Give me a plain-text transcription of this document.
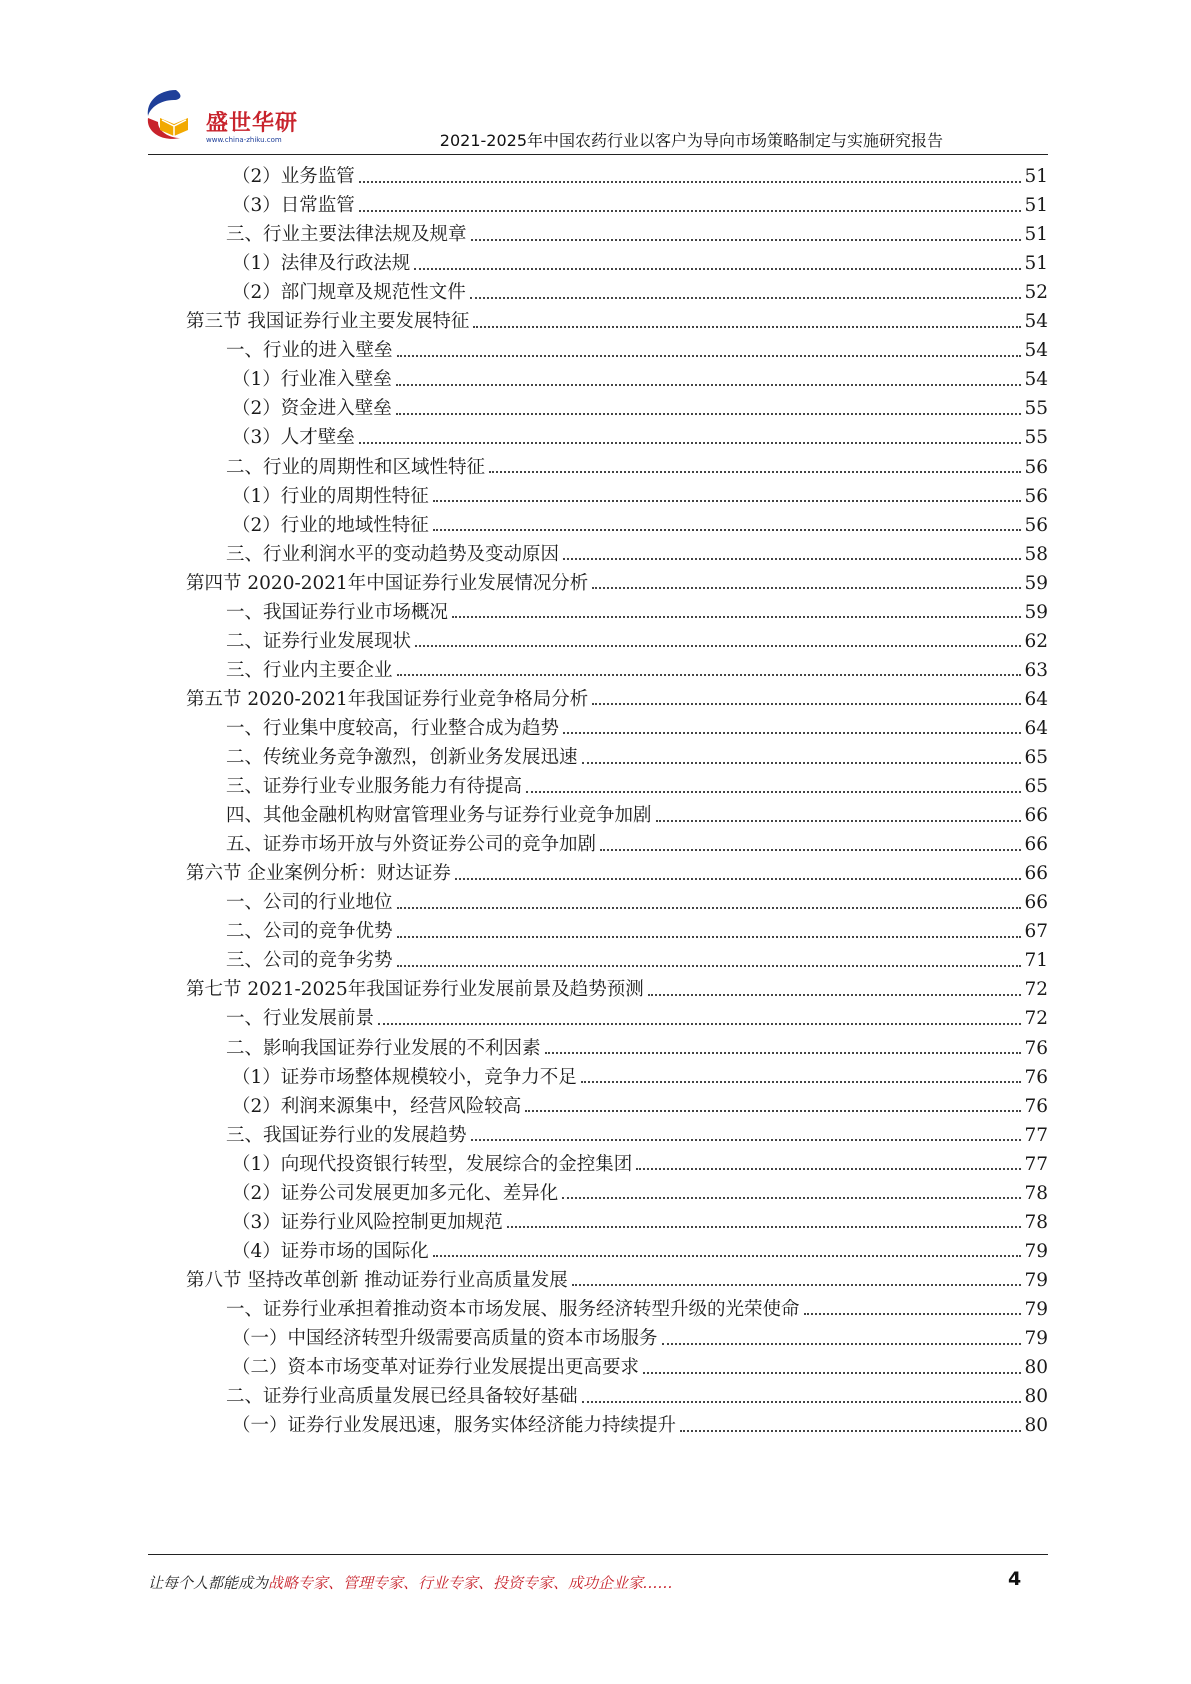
盛世华研
www.china-zhiku.com	2021-2025年中国农药行业以客户为导向市场策略制定与实施研究报告
（2）业务监管	51
（3）日常监管	51
三、行业主要法律法规及规章	51
（1）法律及行政法规	51
（2）部门规章及规范性文件	52
第三节 我国证券行业主要发展特征	54
一、行业的进入壁垒	54
（1）行业准入壁垒	54
（2）资金进入壁垒	55
（3）人才壁垒	55
二、行业的周期性和区域性特征	56
（1）行业的周期性特征	56
（2）行业的地域性特征	56
三、行业利润水平的变动趋势及变动原因	58
第四节 2020-2021年中国证券行业发展情况分析	59
一、我国证券行业市场概况	59
二、证券行业发展现状	62
三、行业内主要企业	63
第五节 2020-2021年我国证券行业竞争格局分析	64
一、行业集中度较高，行业整合成为趋势	64
二、传统业务竞争激烈，创新业务发展迅速	65
三、证券行业专业服务能力有待提高	65
四、其他金融机构财富管理业务与证券行业竞争加剧	66
五、证券市场开放与外资证券公司的竞争加剧	66
第六节 企业案例分析：财达证券	66
一、公司的行业地位	66
二、公司的竞争优势	67
三、公司的竞争劣势	71
第七节 2021-2025年我国证券行业发展前景及趋势预测	72
一、行业发展前景	72
二、影响我国证券行业发展的不利因素	76
（1）证券市场整体规模较小，竞争力不足	76
（2）利润来源集中，经营风险较高	76
三、我国证券行业的发展趋势	77
（1）向现代投资银行转型，发展综合的金控集团	77
（2）证券公司发展更加多元化、差异化	78
（3）证券行业风险控制更加规范	78
（4）证券市场的国际化	79
第八节 坚持改革创新 推动证券行业高质量发展	79
一、证券行业承担着推动资本市场发展、服务经济转型升级的光荣使命	79
（一）中国经济转型升级需要高质量的资本市场服务	79
（二）资本市场变革对证券行业发展提出更高要求	80
二、证券行业高质量发展已经具备较好基础	80
（一）证券行业发展迅速，服务实体经济能力持续提升	80
让每个人都能成为战略专家、管理专家、行业专家、投资专家、成功企业家……	4
